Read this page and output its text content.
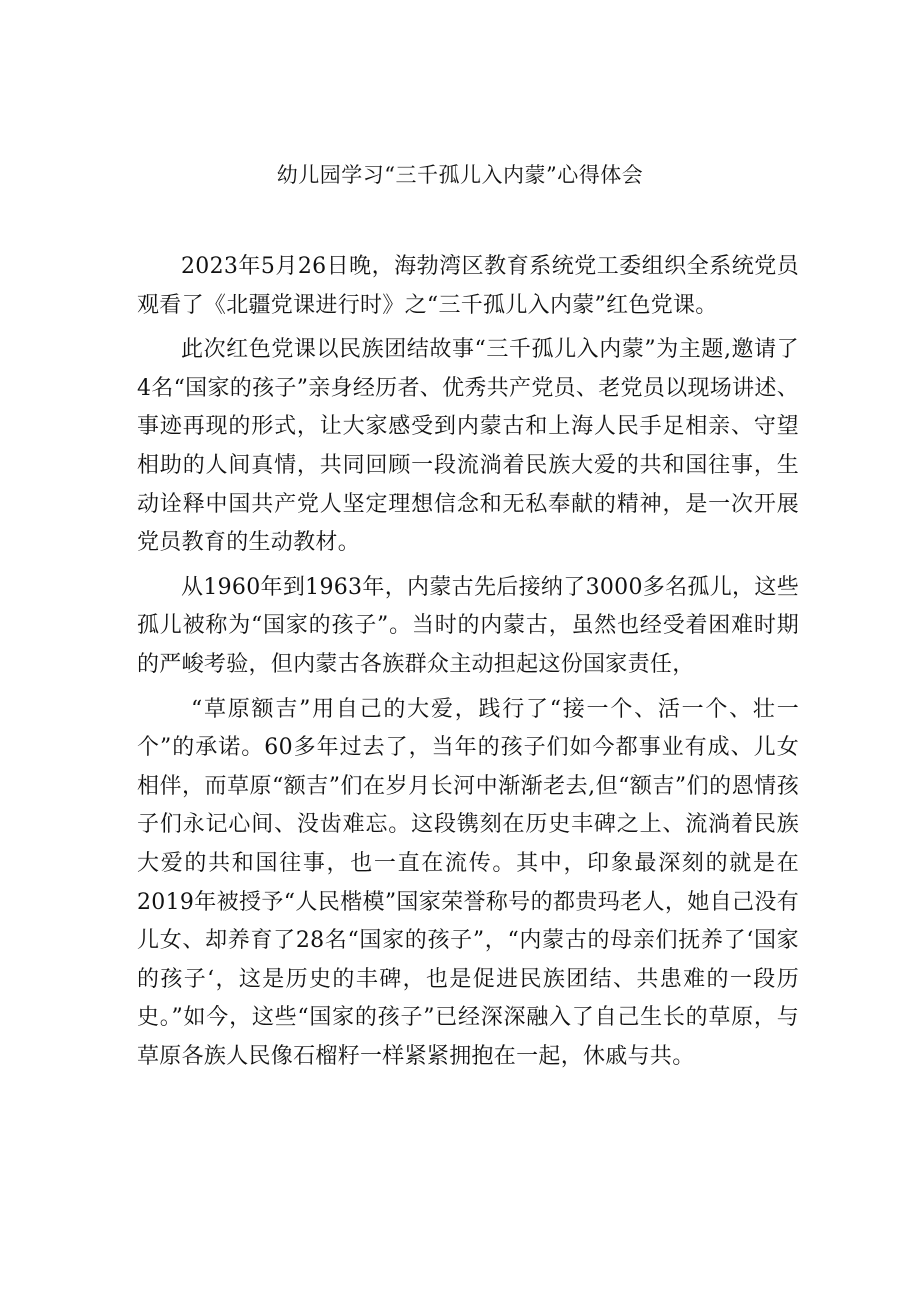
幼儿园学习“三千孤儿入内蒙”心得体会

2023年5月26日晚，海勃湾区教育系统党工委组织全系统党员观看了《北疆党课进行时》之“三千孤儿入内蒙”红色党课。

此次红色党课以民族团结故事“三千孤儿入内蒙”为主题,邀请了4名“国家的孩子”亲身经历者、优秀共产党员、老党员以现场讲述、事迹再现的形式，让大家感受到内蒙古和上海人民手足相亲、守望相助的人间真情，共同回顾一段流淌着民族大爱的共和国往事，生动诠释中国共产党人坚定理想信念和无私奉献的精神，是一次开展党员教育的生动教材。

从1960年到1963年，内蒙古先后接纳了3000多名孤儿，这些孤儿被称为“国家的孩子”。当时的内蒙古，虽然也经受着困难时期的严峻考验，但内蒙古各族群众主动担起这份国家责任，

“草原额吉”用自己的大爱，践行了“接一个、活一个、壮一个”的承诺。60多年过去了，当年的孩子们如今都事业有成、儿女相伴，而草原“额吉”们在岁月长河中渐渐老去,但“额吉”们的恩情孩子们永记心间、没齿难忘。这段镌刻在历史丰碑之上、流淌着民族大爱的共和国往事，也一直在流传。其中，印象最深刻的就是在2019年被授予“人民楷模”国家荣誉称号的都贵玛老人，她自己没有儿女、却养育了28名“国家的孩子”，“内蒙古的母亲们抚养了‘国家的孩子‘，这是历史的丰碑，也是促进民族团结、共患难的一段历史。”如今，这些“国家的孩子”已经深深融入了自己生长的草原，与草原各族人民像石榴籽一样紧紧拥抱在一起，休戚与共。
